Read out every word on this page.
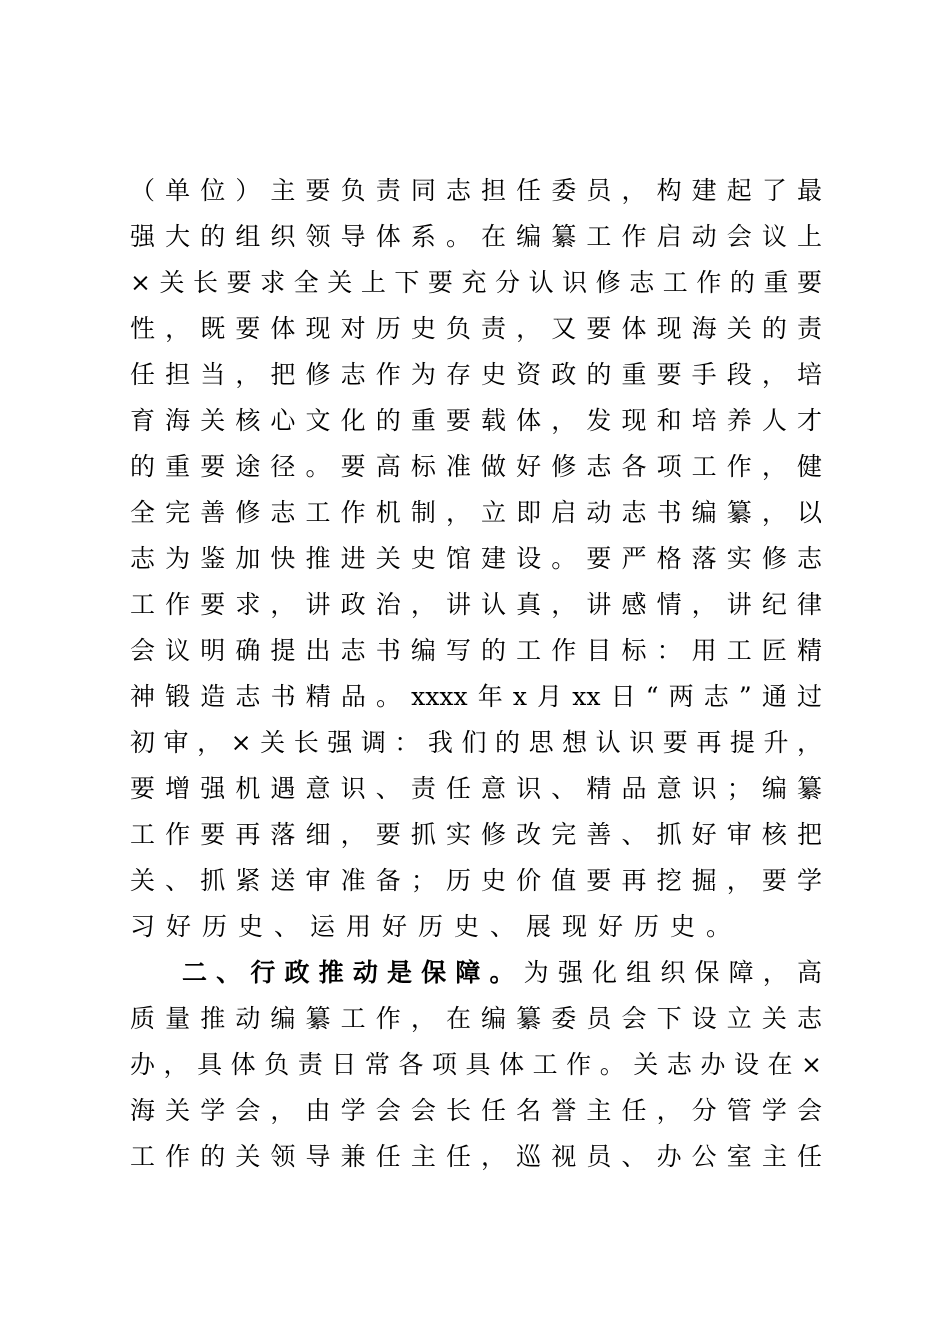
（单位）主要负责同志担任委员，构建起了最
强大的组织领导体系。在编纂工作启动会议上
×关长要求全关上下要充分认识修志工作的重要
性，既要体现对历史负责，又要体现海关的责
任担当，把修志作为存史资政的重要手段，培
育海关核心文化的重要载体，发现和培养人才
的重要途径。要高标准做好修志各项工作，健
全完善修志工作机制，立即启动志书编纂，以
志为鉴加快推进关史馆建设。要严格落实修志
工作要求，讲政治，讲认真，讲感情，讲纪律
会议明确提出志书编写的工作目标：用工匠精
神锻造志书精品。xxxx年x月xx日“两志”通过
初审，×关长强调：我们的思想认识要再提升，
要增强机遇意识、责任意识、精品意识；编纂
工作要再落细，要抓实修改完善、抓好审核把
关、抓紧送审准备；历史价值要再挖掘，要学
习好历史、运用好历史、展现好历史。
二、行政推动是保障。为强化组织保障，高
质量推动编纂工作，在编纂委员会下设立关志
办，具体负责日常各项具体工作。关志办设在×
海关学会，由学会会长任名誉主任，分管学会
工作的关领导兼任主任，巡视员、办公室主任
